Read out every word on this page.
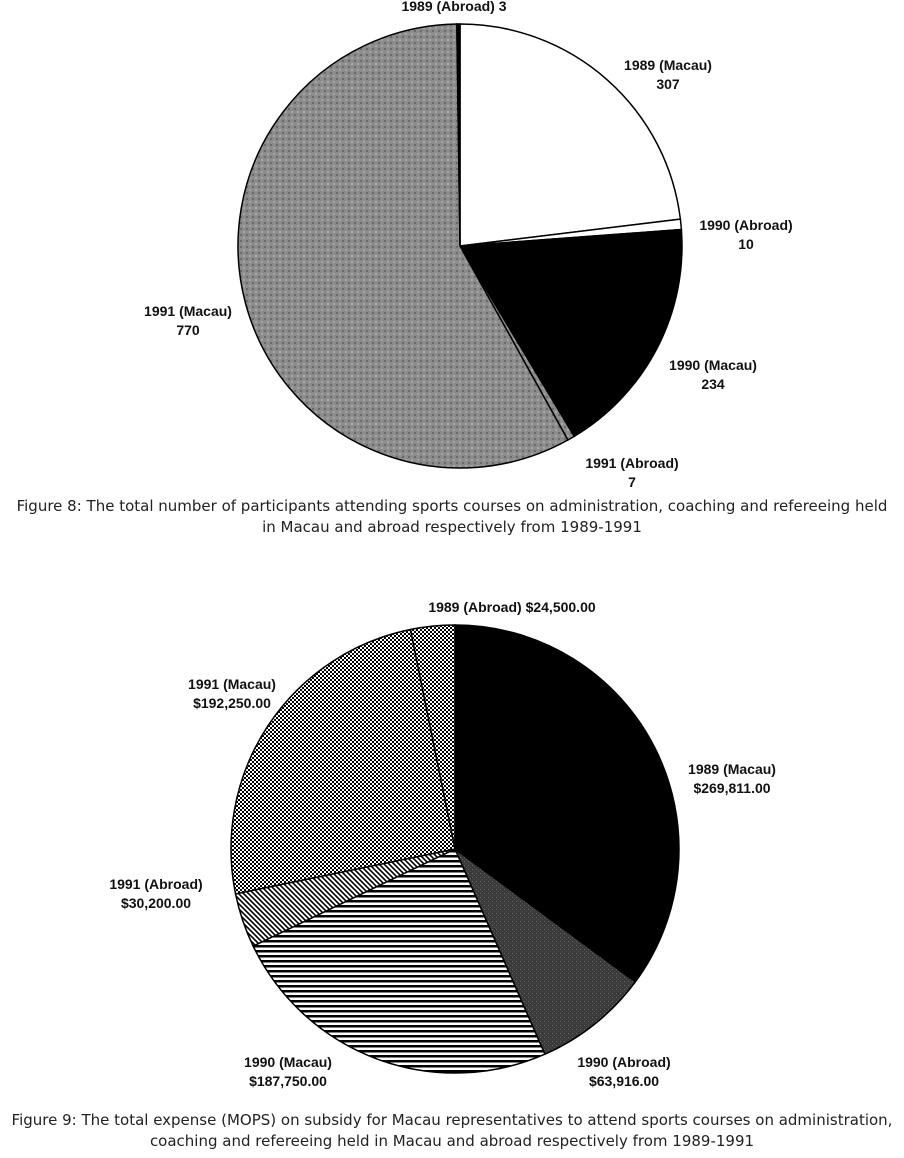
1989 (Macau)
307
1990 (Abroad)
10
1990 (Macau)
234
1991 (Abroad)
7
1991 (Macau)
770
1989 (Abroad) 3

Figure 8: The total number of participants attending sports courses on administration, coaching and refereeing held in Macau and abroad respectively from 1989-1991

1989 (Macau)
$269,811.00
1990 (Abroad)
$63,916.00
1990 (Macau)
$187,750.00
1991 (Abroad)
$30,200.00
1991 (Macau)
$192,250.00
1989 (Abroad) $24,500.00

Figure 9: The total expense (MOPS) on subsidy for Macau representatives to attend sports courses on administration, coaching and refereeing held in Macau and abroad respectively from 1989-1991
